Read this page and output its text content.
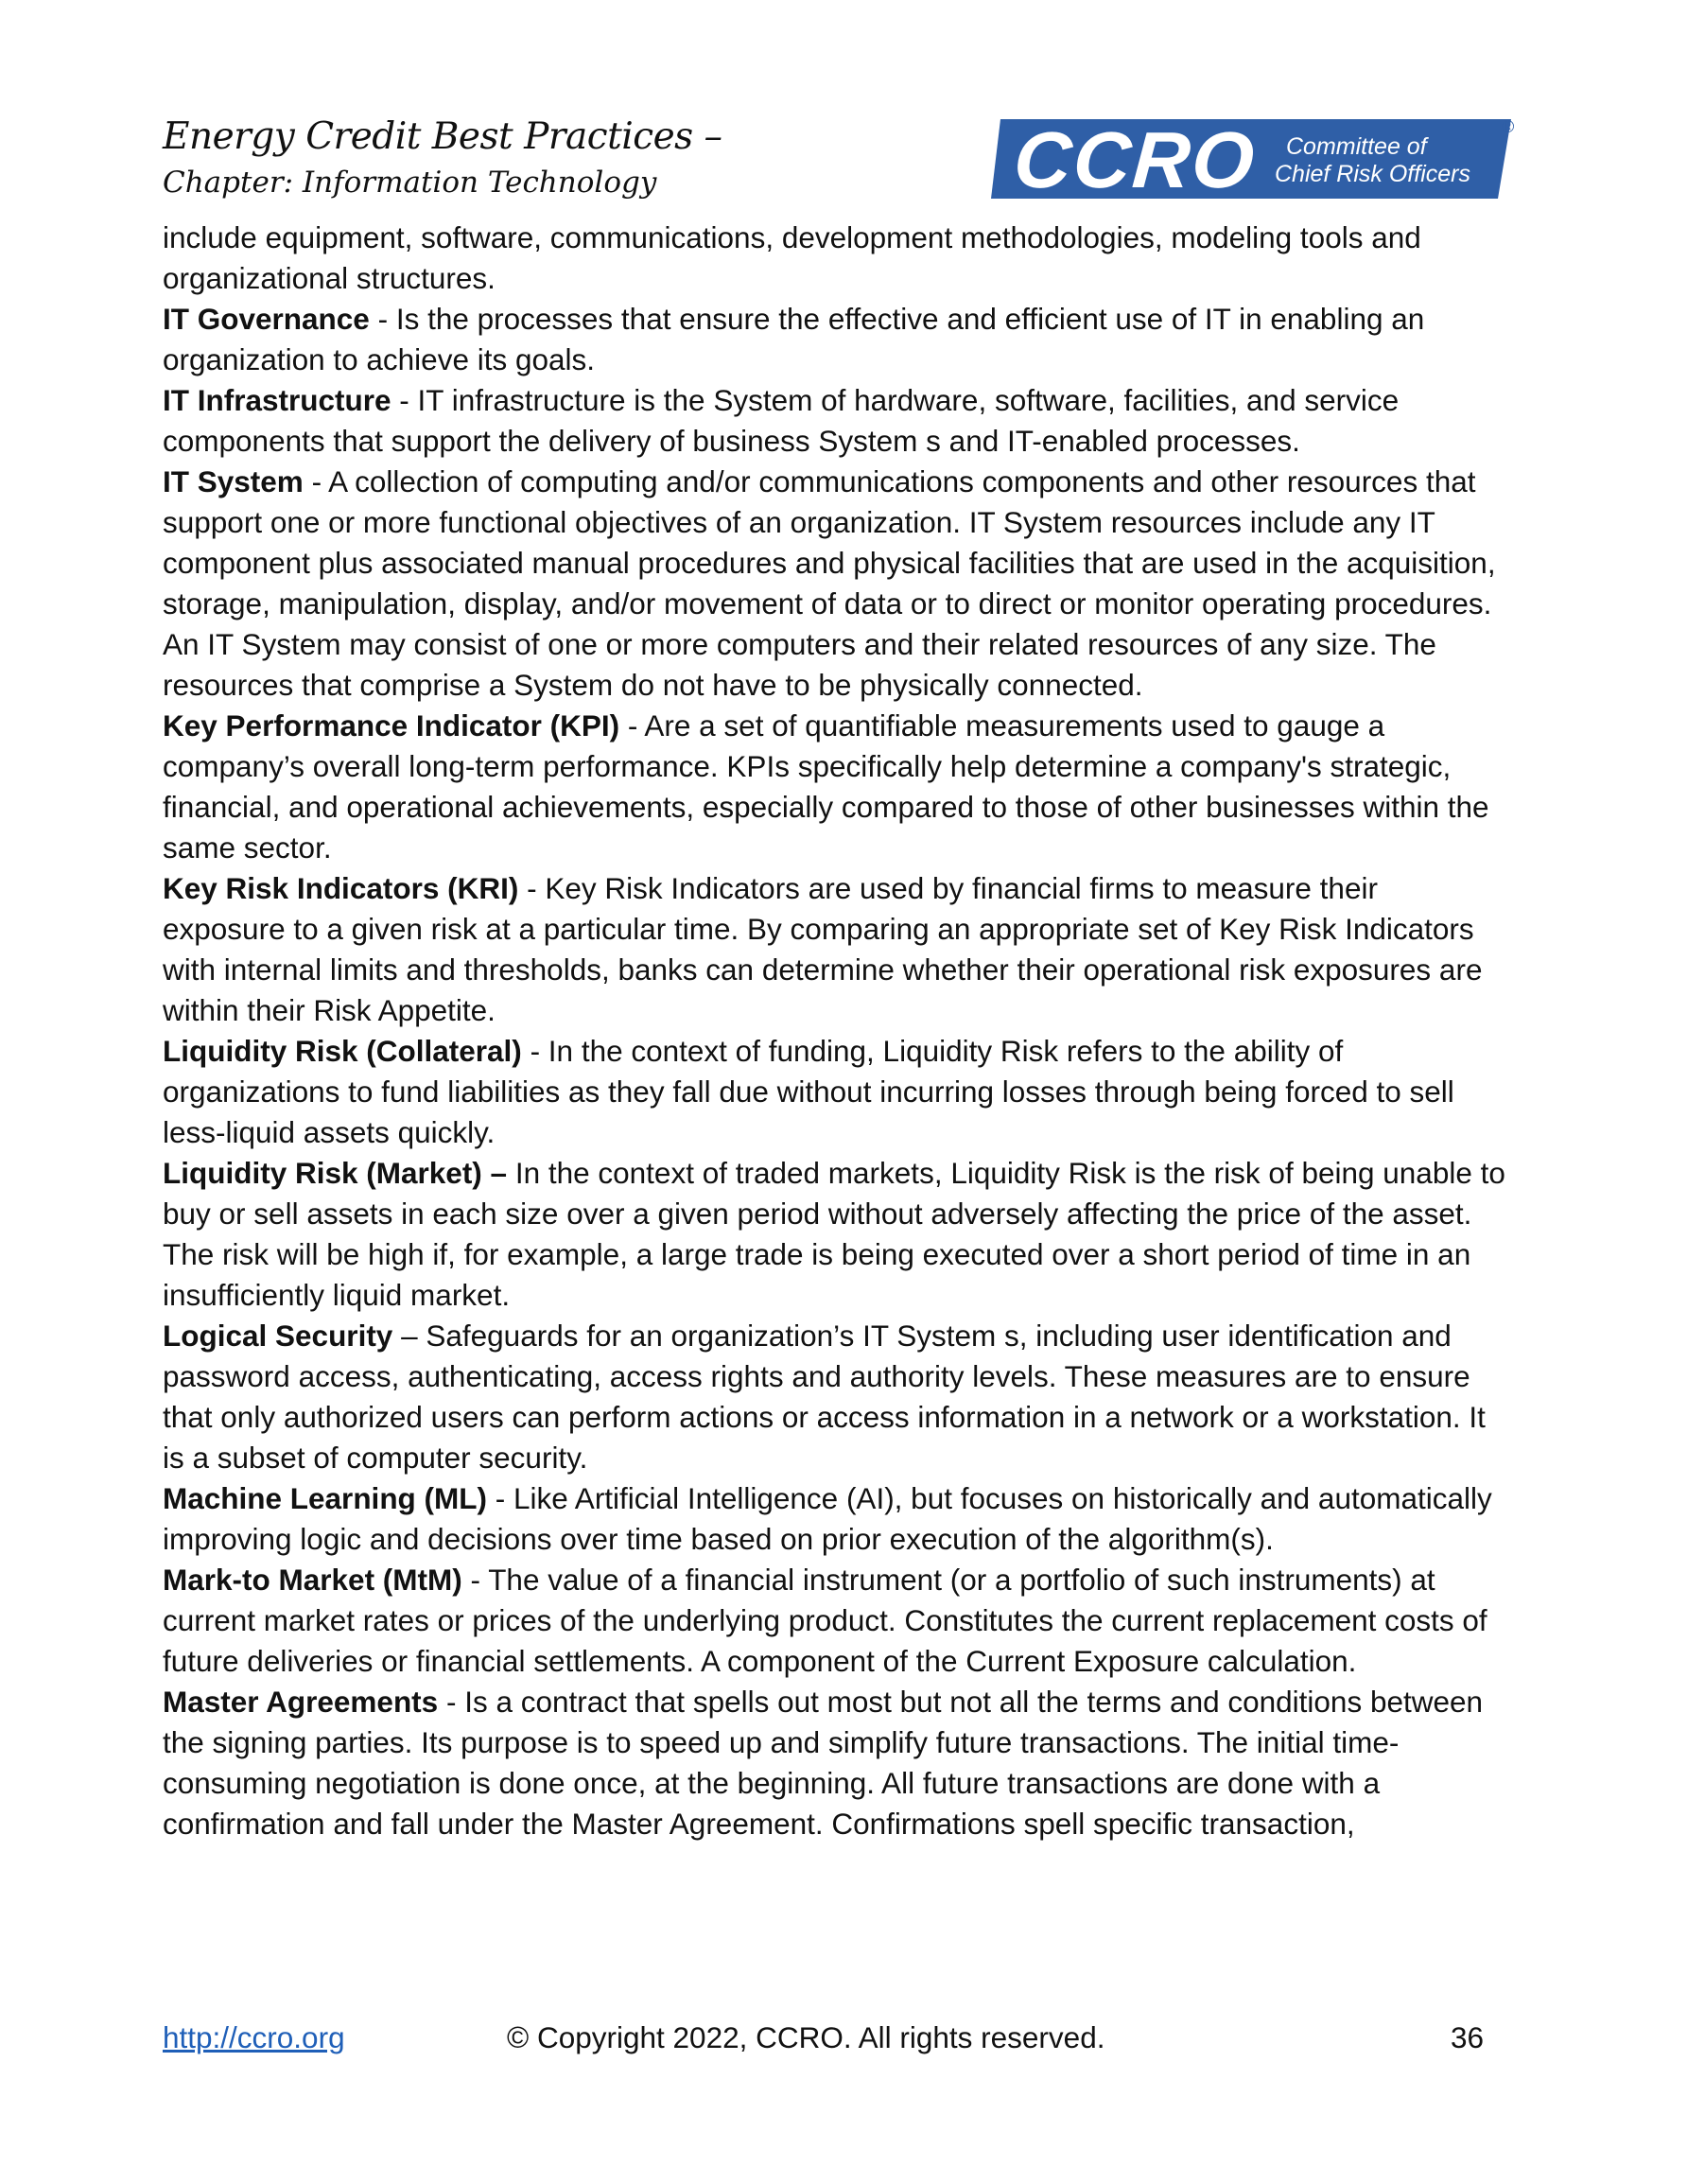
Energy Credit Best Practices –
Chapter: Information Technology	CCRO Committee of
Chief Risk Officers
®

include equipment, software, communications, development methodologies, modeling tools and organizational structures.

IT Governance - Is the processes that ensure the effective and efficient use of IT in enabling an organization to achieve its goals.

IT Infrastructure - IT infrastructure is the System of hardware, software, facilities, and service components that support the delivery of business System s and IT-enabled processes.

IT System - A collection of computing and/or communications components and other resources that support one or more functional objectives of an organization. IT System resources include any IT component plus associated manual procedures and physical facilities that are used in the acquisition, storage, manipulation, display, and/or movement of data or to direct or monitor operating procedures. An IT System may consist of one or more computers and their related resources of any size. The resources that comprise a System do not have to be physically connected.

Key Performance Indicator (KPI) - Are a set of quantifiable measurements used to gauge a company’s overall long-term performance. KPIs specifically help determine a company's strategic, financial, and operational achievements, especially compared to those of other businesses within the same sector.

Key Risk Indicators (KRI) - Key Risk Indicators are used by financial firms to measure their exposure to a given risk at a particular time. By comparing an appropriate set of Key Risk Indicators with internal limits and thresholds, banks can determine whether their operational risk exposures are within their Risk Appetite.

Liquidity Risk (Collateral) - In the context of funding, Liquidity Risk refers to the ability of organizations to fund liabilities as they fall due without incurring losses through being forced to sell less-liquid assets quickly.

Liquidity Risk (Market) – In the context of traded markets, Liquidity Risk is the risk of being unable to buy or sell assets in each size over a given period without adversely affecting the price of the asset. The risk will be high if, for example, a large trade is being executed over a short period of time in an insufficiently liquid market.

Logical Security – Safeguards for an organization’s IT System s, including user identification and password access, authenticating, access rights and authority levels. These measures are to ensure that only authorized users can perform actions or access information in a network or a workstation. It is a subset of computer security.

Machine Learning (ML) - Like Artificial Intelligence (AI), but focuses on historically and automatically improving logic and decisions over time based on prior execution of the algorithm(s).

Mark-to Market (MtM) - The value of a financial instrument (or a portfolio of such instruments) at current market rates or prices of the underlying product. Constitutes the current replacement costs of future deliveries or financial settlements. A component of the Current Exposure calculation.

Master Agreements - Is a contract that spells out most but not all the terms and conditions between the signing parties. Its purpose is to speed up and simplify future transactions. The initial time-consuming negotiation is done once, at the beginning. All future transactions are done with a confirmation and fall under the Master Agreement. Confirmations spell specific transaction,

http://ccro.org	© Copyright 2022, CCRO. All rights reserved.	36
